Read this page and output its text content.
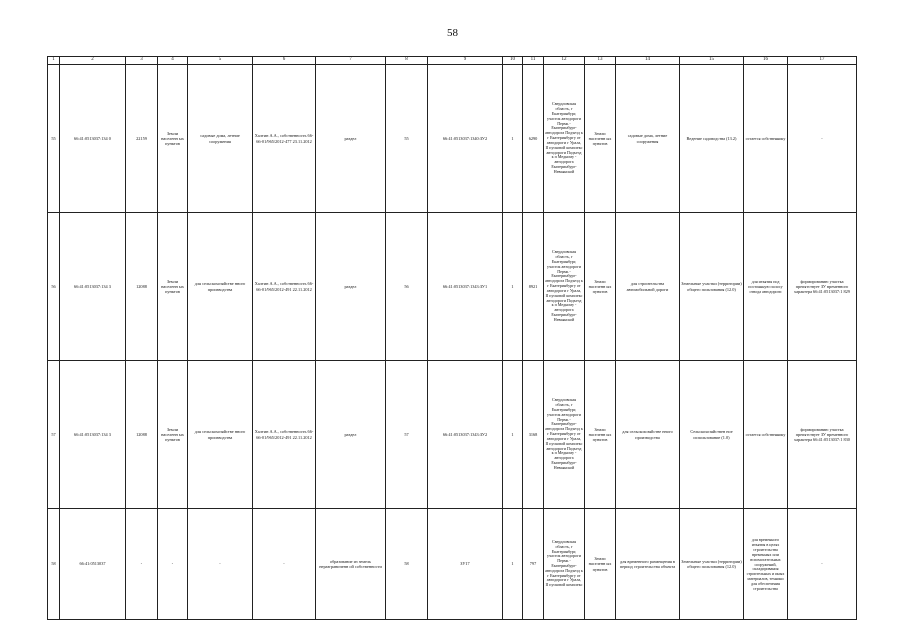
58
1	2	3	4	5	6	7	8	9	10	11	12	13	14	15	16	17
55	66:41:0513037:134 0	22159	Земли населенн ых пунктов	садовые дома, летние сооружения	Халтин А.А., собственность 66-66-01/965/2012-477 23.11.2012	раздел	55	66:41:0513037:1340:ЗУ2	1	6290	Свердловская область, г Екатеринбург, участок автодороги Пермь - Екатеринбург-автодорога Подъезд к г Екатеринбургу от автодороги г Урала, II пусковой комплекс автодороги Подъезд к п Медному - автодорога Екатеринбург-Невьянской	Земли населенн ых пунктов	садовые дома, летние сооружения	Ведение садоводства (13.2)	остается собственнику	-
56	66:41:0513037:134 3	12088	Земли населенн ых пунктов	для сельскохозяйстве нного производства	Халтин А.А., собственность 66-66-01/965/2012-491 22.11.2012	раздел	56	66:41:0513037:1343:ЗУ1	1	8921	Свердловская область, г Екатеринбург, участок автодороги Пермь - Екатеринбург-автодорога Подъезд к г Екатеринбургу от автодороги г Урала, II пусковой комплекс автодороги Подъезд к п Медному - автодорога Екатеринбург-Невьянской	Земли населенн ых пунктов	для строительства автомобильной дороги	Земельные участки (территории) общего пользования (12.0)	для изъятия под постоянную полосу отвода автодороги	формированию участка препятствует ЗУ временного характера 66:41:0513037:1 829
57	66:41:0513037:134 3	12088	Земли населенн ых пунктов	для сельскохозяйстве нного производства	Халтин А.А., собственность 66-66-01/965/2012-491 22.11.2012	раздел	57	66:41:0513037:1343:ЗУ2	1	3168	Свердловская область, г Екатеринбург, участок автодороги Пермь - Екатеринбург-автодорога Подъезд к г Екатеринбургу от автодороги г Урала, II пусковой комплекс автодороги Подъезд к п Медному - автодорога Екатеринбург-Невьянской	Земли населенн ых пунктов	для сельскохозяйстве нного производства	Сельскохозяйствен ное использование (1.0)	остается собственнику	формированию участка препятствует ЗУ временного характера 66:41:0513037:1 830
58	66:41:0513037	-	-	-	-	образование из земель неразграниченн ой собственности	58	ЗУ17	1	797	Свердловская область, г Екатеринбург, участок автодороги Пермь - Екатеринбург-автодорога Подъезд к г Екатеринбургу от автодороги г Урала, II пусковой комплекс	Земли населенн ых пунктов	для временного размещения в период строительства объекта	Земельные участки (территории) общего пользования (12.0)	для временного изъятия в целях строительства временных или вспомогательных сооружений, складирования строительных и иных материалов, техники для обеспечения строительства	-
